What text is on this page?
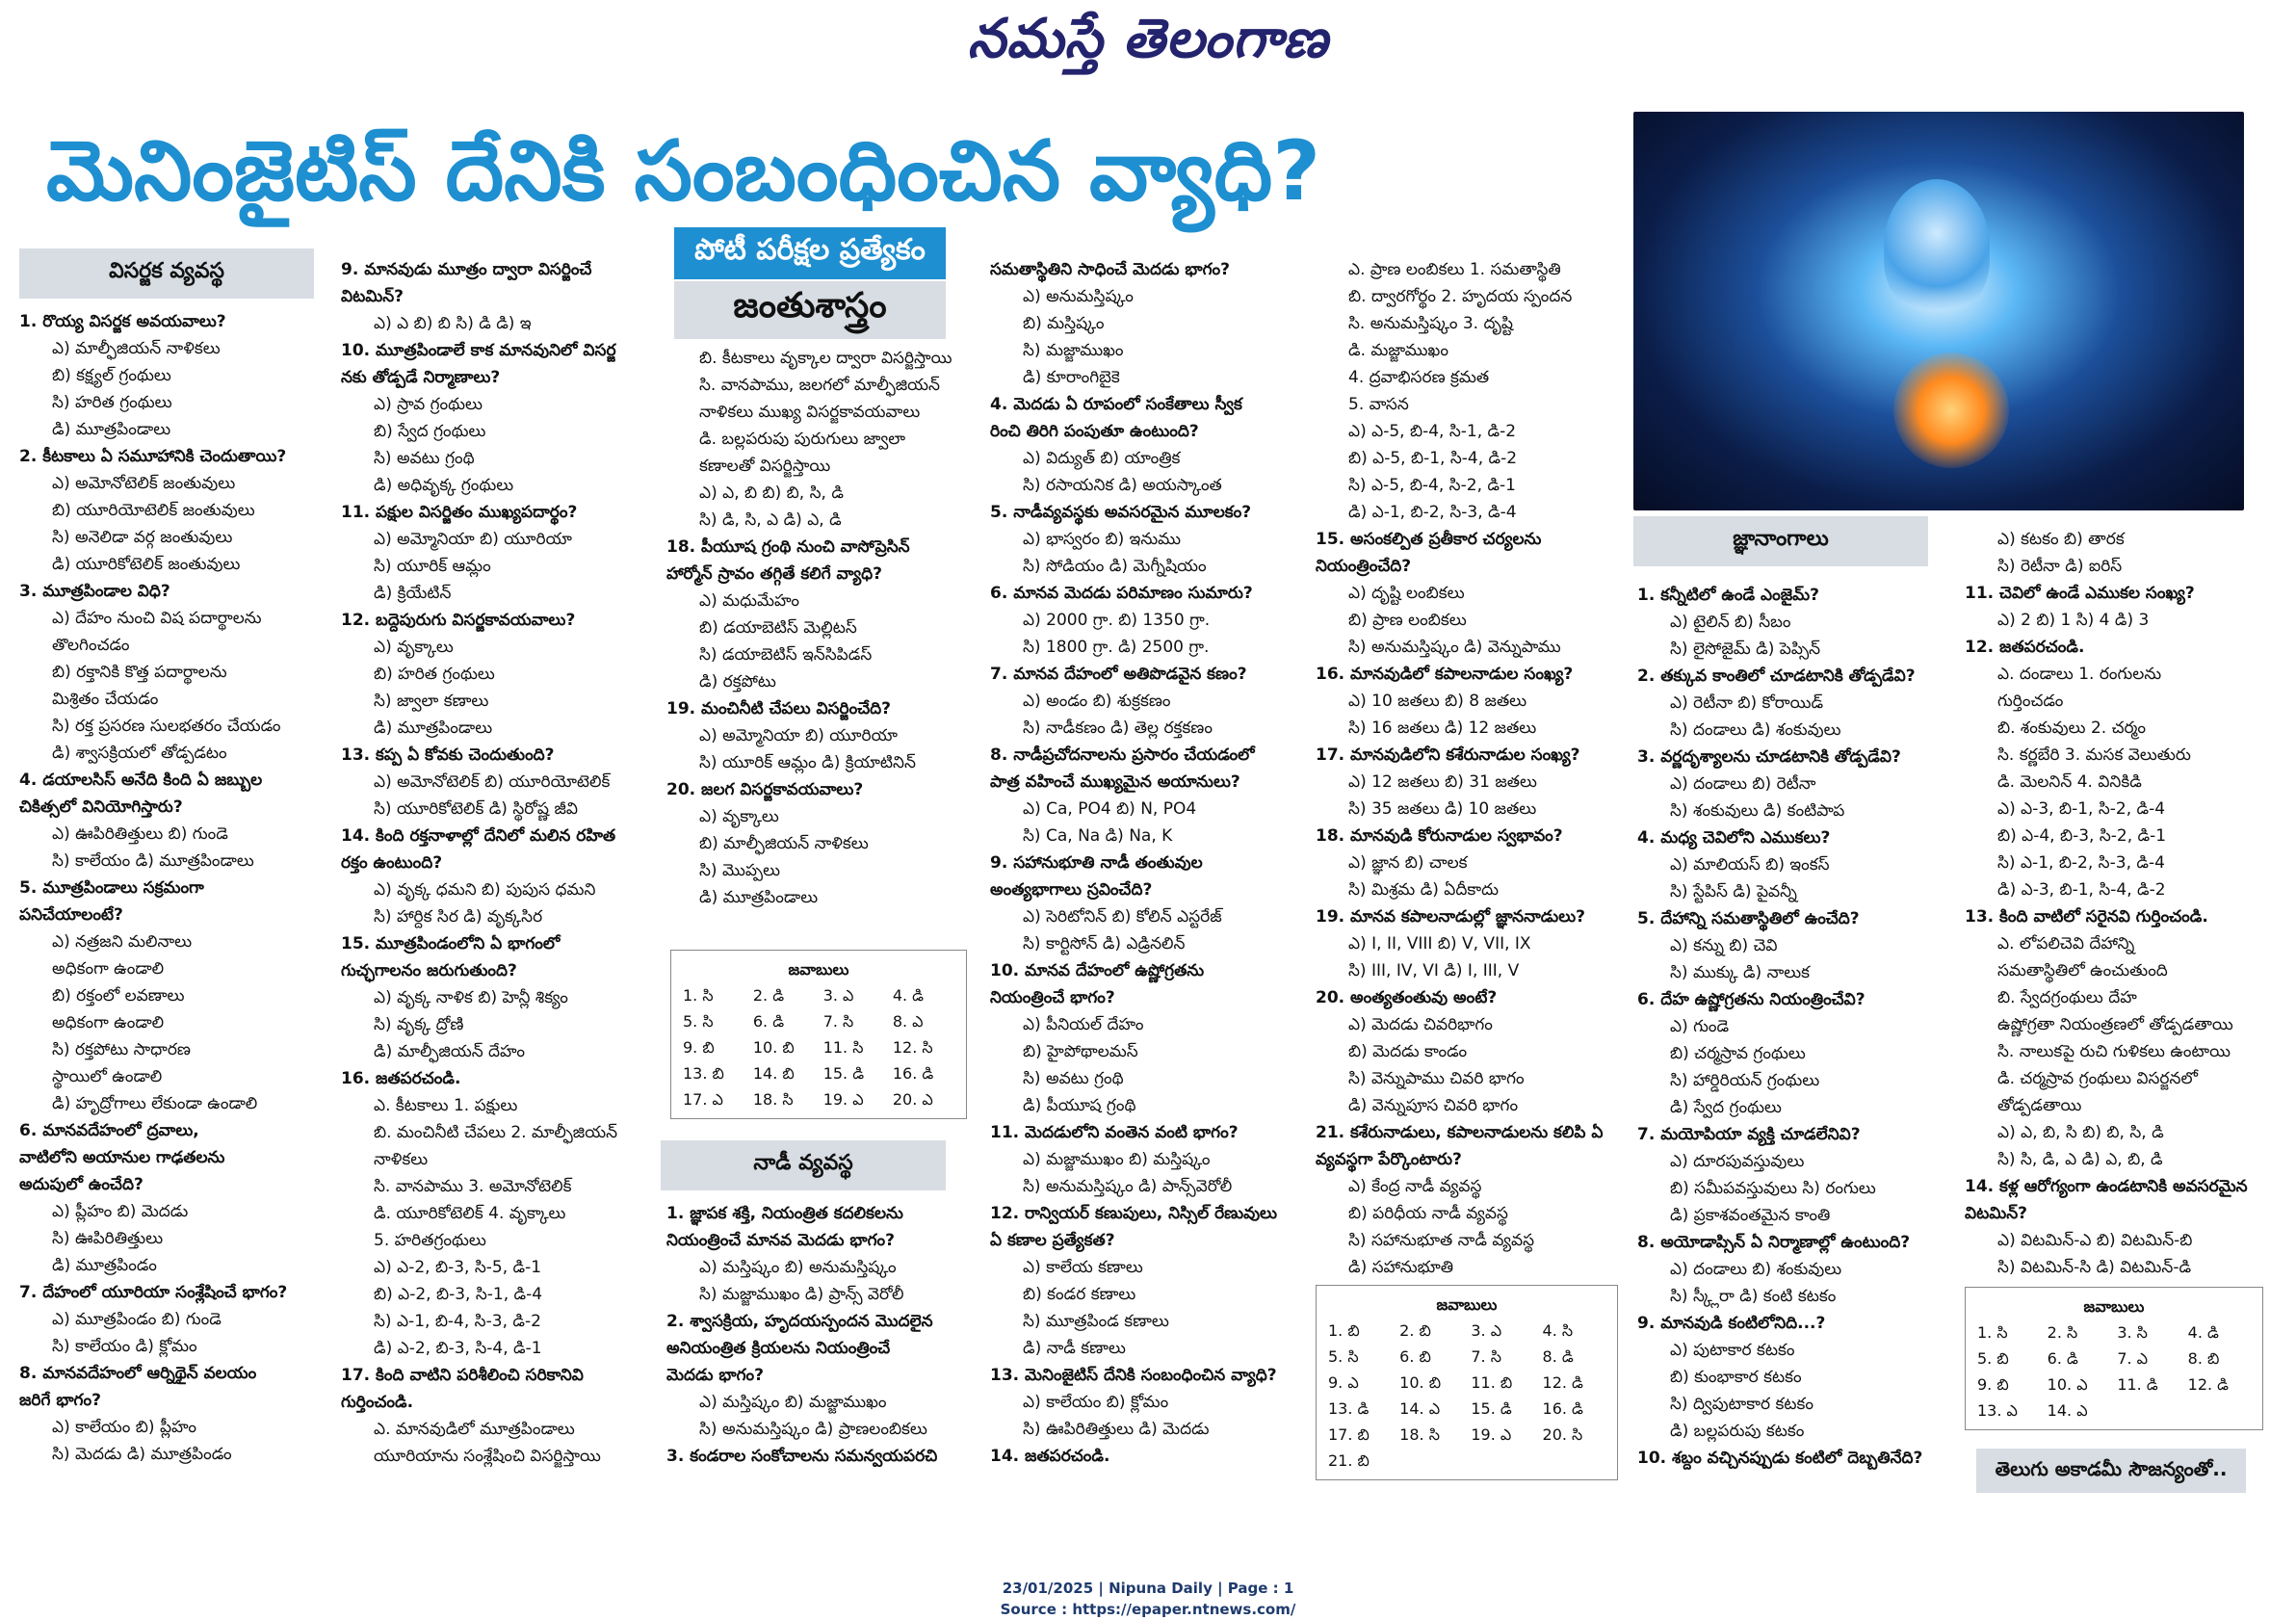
నమస్తే తెలంగాణ
మెనింజైటిస్ దేనికి సంబంధించిన వ్యాధి?
పోటీ పరీక్షల ప్రత్యేకం
జంతుశాస్త్రం
విసర్జక వ్యవస్థ
నాడీ వ్యవస్థ
జ్ఞానాంగాలు

1. రొయ్య విసర్జక అవయవాలు?

ఎ) మాల్ఫీజియన్ నాళికలు

బి) కక్ష్యల్ గ్రంథులు

సి) హరిత గ్రంథులు

డి) మూత్రపిండాలు

2. కీటకాలు ఏ సమూహానికి చెందుతాయి?

ఎ) అమోనోటెలిక్ జంతువులు

బి) యూరియోటెలిక్ జంతువులు

సి) అనెలిడా వర్గ జంతువులు

డి) యూరికోటెలిక్ జంతువులు

3. మూత్రపిండాల విధి?

ఎ) దేహం నుంచి విష పదార్థాలను

తొలగించడం

బి) రక్తానికి కొత్త పదార్థాలను

మిశ్రితం చేయడం

సి) రక్త ప్రసరణ సులభతరం చేయడం

డి) శ్వాసక్రియలో తోడ్పడటం

4. డయాలసిస్ అనేది కింది ఏ జబ్బుల

చికిత్సలో వినియోగిస్తారు?

ఎ) ఊపిరితిత్తులు బి) గుండె

సి) కాలేయం డి) మూత్రపిండాలు

5. మూత్రపిండాలు సక్రమంగా

పనిచేయాలంటే?

ఎ) నత్రజని మలినాలు

అధికంగా ఉండాలి

బి) రక్తంలో లవణాలు

అధికంగా ఉండాలి

సి) రక్తపోటు సాధారణ

స్థాయిలో ఉండాలి

డి) హృద్రోగాలు లేకుండా ఉండాలి

6. మానవదేహంలో ద్రవాలు,

వాటిలోని అయానుల గాఢతలను

అదుపులో ఉంచేది?

ఎ) ప్లీహం బి) మెదడు

సి) ఊపిరితిత్తులు

డి) మూత్రపిండం

7. దేహంలో యూరియా సంశ్లేషించే భాగం?

ఎ) మూత్రపిండం బి) గుండె

సి) కాలేయం డి) క్లోమం

8. మానవదేహంలో ఆర్నిథైన్ వలయం

జరిగే భాగం?

ఎ) కాలేయం బి) ప్లీహం

సి) మెదడు డి) మూత్రపిండం

9. మానవుడు మూత్రం ద్వారా విసర్జించే

విటమిన్?

ఎ) ఎ బి) బి సి) డి డి) ఇ

10. మూత్రపిండాలే కాక మానవునిలో విసర్జ

నకు తోడ్పడే నిర్మాణాలు?

ఎ) స్రావ గ్రంథులు

బి) స్వేద గ్రంథులు

సి) అవటు గ్రంథి

డి) అధివృక్క గ్రంథులు

11. పక్షుల విసర్జితం ముఖ్యపదార్థం?

ఎ) అమ్మోనియా బి) యూరియా

సి) యూరిక్ ఆమ్లం

డి) క్రియేటిన్

12. బద్దెపురుగు విసర్జకావయవాలు?

ఎ) వృక్కాలు

బి) హరిత గ్రంథులు

సి) జ్వాలా కణాలు

డి) మూత్రపిండాలు

13. కప్ప ఏ కోవకు చెందుతుంది?

ఎ) అమోనోటెలిక్ బి) యూరియోటెలిక్

సి) యూరికోటెలిక్ డి) స్థిరోష్ణ జీవి

14. కింది రక్తనాళాల్లో దేనిలో మలిన రహిత

రక్తం ఉంటుంది?

ఎ) వృక్క ధమని బి) పుపుస ధమని

సి) హార్దిక సిర డి) వృక్కసిర

15. మూత్రపిండంలోని ఏ భాగంలో

గుచ్ఛగాలనం జరుగుతుంది?

ఎ) వృక్క నాళిక బి) హెన్లీ శిక్యం

సి) వృక్క ద్రోణి

డి) మాల్ఫీజియన్ దేహం

16. జతపరచండి.

ఎ. కీటకాలు 1. పక్షులు

బి. మంచినీటి చేపలు 2. మాల్ఫీజియన్

నాళికలు

సి. వానపాము 3. అమోనోటెలిక్

డి. యూరికోటెలిక్ 4. వృక్కాలు

5. హరితగ్రంథులు

ఎ) ఎ-2, బి-3, సి-5, డి-1

బి) ఎ-2, బి-3, సి-1, డి-4

సి) ఎ-1, బి-4, సి-3, డి-2

డి) ఎ-2, బి-3, సి-4, డి-1

17. కింది వాటిని పరిశీలించి సరికానివి

గుర్తించండి.

ఎ. మానవుడిలో మూత్రపిండాలు

యూరియాను సంశ్లేషించి విసర్జిస్తాయి

బి. కీటకాలు వృక్కాల ద్వారా విసర్జిస్తాయి

సి. వానపాము, జలగలో మాల్ఫీజియన్

నాళికలు ముఖ్య విసర్జకావయవాలు

డి. బల్లపరుపు పురుగులు జ్వాలా

కణాలతో విసర్జిస్తాయి

ఎ) ఎ, బి బి) బి, సి, డి

సి) డి, సి, ఎ డి) ఎ, డి

18. పీయూష గ్రంథి నుంచి వాసోప్రెసిన్

హార్మోన్ స్రావం తగ్గితే కలిగే వ్యాధి?

ఎ) మధుమేహం

బి) డయాబెటిస్ మెల్లిటస్

సి) డయాబెటిస్ ఇన్‌సిపిడస్

డి) రక్తపోటు

19. మంచినీటి చేపలు విసర్జించేది?

ఎ) అమ్మోనియా బి) యూరియా

సి) యూరిక్ ఆమ్లం డి) క్రియాటినిన్

20. జలగ విసర్జకావయవాలు?

ఎ) వృక్కాలు

బి) మాల్ఫీజియన్ నాళికలు

సి) మొప్పలు

డి) మూత్రపిండాలు

1. జ్ఞాపక శక్తి, నియంత్రిత కదలికలను

నియంత్రించే మానవ మెదడు భాగం?

ఎ) మస్తిష్కం బి) అనుమస్తిష్కం

సి) మజ్జాముఖం డి) ప్రాన్స్ వెరోలీ

2. శ్వాసక్రియ, హృదయస్పందన మొదలైన

అనియంత్రిత క్రియలను నియంత్రించే

మెదడు భాగం?

ఎ) మస్తిష్కం బి) మజ్జాముఖం

సి) అనుమస్తిష్కం డి) ప్రాణలంబికలు

3. కండరాల సంకోచాలను సమన్వయపరచి

సమతాస్థితిని సాధించే మెదడు భాగం?

ఎ) అనుమస్తిష్కం

బి) మస్తిష్కం

సి) మజ్జాముఖం

డి) కూరాంగిబైకె

4. మెదడు ఏ రూపంలో సంకేతాలు స్వీక

రించి తిరిగి పంపుతూ ఉంటుంది?

ఎ) విద్యుత్ బి) యాంత్రిక

సి) రసాయనిక డి) అయస్కాంత

5. నాడీవ్యవస్థకు అవసరమైన మూలకం?

ఎ) భాస్వరం బి) ఇనుము

సి) సోడియం డి) మెగ్నీషియం

6. మానవ మెదడు పరిమాణం సుమారు?

ఎ) 2000 గ్రా. బి) 1350 గ్రా.

సి) 1800 గ్రా. డి) 2500 గ్రా.

7. మానవ దేహంలో అతిపొడవైన కణం?

ఎ) అండం బి) శుక్రకణం

సి) నాడీకణం డి) తెల్ల రక్తకణం

8. నాడీప్రచోదనాలను ప్రసారం చేయడంలో

పాత్ర వహించే ముఖ్యమైన అయానులు?

ఎ) Ca, PO4 బి) N, PO4

సి) Ca, Na డి) Na, K

9. సహానుభూతి నాడీ తంతువుల

అంత్యభాగాలు స్రవించేది?

ఎ) సెరిటోనిన్ బి) కోలిన్ ఎస్టరేజ్

సి) కార్టిసోన్ డి) ఎడ్రినలిన్

10. మానవ దేహంలో ఉష్ణోగ్రతను

నియంత్రించే భాగం?

ఎ) పీనియల్ దేహం

బి) హైపోథాలమస్

సి) అవటు గ్రంథి

డి) పీయూష గ్రంథి

11. మెదడులోని వంతెన వంటి భాగం?

ఎ) మజ్జాముఖం బి) మస్తిష్కం

సి) అనుమస్తిష్కం డి) పాన్స్‌వెరోలీ

12. రాన్వియర్ కణుపులు, నిస్సిల్ రేణువులు

ఏ కణాల ప్రత్యేకత?

ఎ) కాలేయ కణాలు

బి) కండర కణాలు

సి) మూత్రపిండ కణాలు

డి) నాడీ కణాలు

13. మెనింజైటిస్ దేనికి సంబంధించిన వ్యాధి?

ఎ) కాలేయం బి) క్లోమం

సి) ఊపిరితిత్తులు డి) మెదడు

14. జతపరచండి.

ఎ. ప్రాణ లంబికలు 1. సమతాస్థితి

బి. ద్వారగోర్థం 2. హృదయ స్పందన

సి. అనుమస్తిష్కం 3. దృష్టి

డి. మజ్జాముఖం

4. ద్రవాభిసరణ క్రమత

5. వాసన

ఎ) ఎ-5, బి-4, సి-1, డి-2

బి) ఎ-5, బి-1, సి-4, డి-2

సి) ఎ-5, బి-4, సి-2, డి-1

డి) ఎ-1, బి-2, సి-3, డి-4

15. అసంకల్పిత ప్రతీకార చర్యలను

నియంత్రించేది?

ఎ) దృష్టి లంబికలు

బి) ప్రాణ లంబికలు

సి) అనుమస్తిష్కం డి) వెన్నుపాము

16. మానవుడిలో కపాలనాడుల సంఖ్య?

ఎ) 10 జతలు బి) 8 జతలు

సి) 16 జతలు డి) 12 జతలు

17. మానవుడిలోని కశేరునాడుల సంఖ్య?

ఎ) 12 జతలు బి) 31 జతలు

సి) 35 జతలు డి) 10 జతలు

18. మానవుడి కోరునాడుల స్వభావం?

ఎ) జ్ఞాన బి) చాలక

సి) మిశ్రమ డి) ఏదీకాదు

19. మానవ కపాలనాడుల్లో జ్ఞాననాడులు?

ఎ) I, II, VIII బి) V, VII, IX

సి) III, IV, VI డి) I, III, V

20. అంత్యతంతువు అంటే?

ఎ) మెదడు చివరిభాగం

బి) మెదడు కాండం

సి) వెన్నుపాము చివరి భాగం

డి) వెన్నుపూస చివరి భాగం

21. కశేరునాడులు, కపాలనాడులను కలిపి ఏ

వ్యవస్థగా పేర్కొంటారు?

ఎ) కేంద్ర నాడీ వ్యవస్థ

బి) పరిధీయ నాడీ వ్యవస్థ

సి) సహానుభూత నాడీ వ్యవస్థ

డి) సహానుభూతి

1. కన్నీటిలో ఉండే ఎంజైమ్?

ఎ) టైలిన్ బి) సీబం

సి) లైసోజైమ్ డి) పెప్సిన్

2. తక్కువ కాంతిలో చూడటానికి తోడ్పడేవి?

ఎ) రెటీనా బి) కోరాయిడ్

సి) దండాలు డి) శంకువులు

3. వర్ణదృశ్యాలను చూడటానికి తోడ్పడేవి?

ఎ) దండాలు బి) రెటీనా

సి) శంకువులు డి) కంటిపాప

4. మధ్య చెవిలోని ఎముకలు?

ఎ) మాలియస్ బి) ఇంకస్

సి) స్టేపిస్ డి) పైవన్నీ

5. దేహాన్ని సమతాస్థితిలో ఉంచేది?

ఎ) కన్ను బి) చెవి

సి) ముక్కు డి) నాలుక

6. దేహ ఉష్ణోగ్రతను నియంత్రించేవి?

ఎ) గుండె

బి) చర్మస్రావ గ్రంథులు

సి) హార్డిరియన్ గ్రంథులు

డి) స్వేద గ్రంథులు

7. మయోపియా వ్యక్తి చూడలేనివి?

ఎ) దూరపువస్తువులు

బి) సమీపవస్తువులు సి) రంగులు

డి) ప్రకాశవంతమైన కాంతి

8. అయోడాప్సిన్ ఏ నిర్మాణాల్లో ఉంటుంది?

ఎ) దండాలు బి) శంకువులు

సి) స్క్లీరా డి) కంటి కటకం

9. మానవుడి కంటిలోనిది...?

ఎ) పుటాకార కటకం

బి) కుంభాకార కటకం

సి) ద్విపుటాకార కటకం

డి) బల్లపరుపు కటకం

10. శబ్దం వచ్చినప్పుడు కంటిలో దెబ్బతినేది?

ఎ) కటకం బి) తారక

సి) రెటీనా డి) ఐరిస్

11. చెవిలో ఉండే ఎముకల సంఖ్య?

ఎ) 2 బి) 1 సి) 4 డి) 3

12. జతపరచండి.

ఎ. దండాలు 1. రంగులను

గుర్తించడం

బి. శంకువులు 2. చర్మం

సి. కర్ణబేరి 3. మసక వెలుతురు

డి. మెలనిన్ 4. వినికిడి

ఎ) ఎ-3, బి-1, సి-2, డి-4

బి) ఎ-4, బి-3, సి-2, డి-1

సి) ఎ-1, బి-2, సి-3, డి-4

డి) ఎ-3, బి-1, సి-4, డి-2

13. కింది వాటిలో సరైనవి గుర్తించండి.

ఎ. లోపలిచెవి దేహాన్ని

సమతాస్థితిలో ఉంచుతుంది

బి. స్వేదగ్రంథులు దేహ

ఉష్ణోగ్రతా నియంత్రణలో తోడ్పడతాయి

సి. నాలుకపై రుచి గుళికలు ఉంటాయి

డి. చర్మస్రావ గ్రంథులు విసర్జనలో

తోడ్పడతాయి

ఎ) ఎ, బి, సి బి) బి, సి, డి

సి) సి, డి, ఎ డి) ఎ, బి, డి

14. కళ్ల ఆరోగ్యంగా ఉండటానికి అవసరమైన

విటమిన్?

ఎ) విటమిన్-ఎ బి) విటమిన్-బి

సి) విటమిన్-సి డి) విటమిన్-డి

జవాబులు
1. సి	2. డి	3. ఎ	4. డి
5. సి	6. డి	7. సి	8. ఎ
9. బి	10. బి	11. సి	12. సి
13. బి	14. బి	15. డి	16. డి
17. ఎ	18. సి	19. ఎ	20. ఎ
జవాబులు
1. బి	2. బి	3. ఎ	4. సి
5. సి	6. బి	7. సి	8. డి
9. ఎ	10. బి	11. బి	12. డి
13. డి	14. ఎ	15. డి	16. డి
17. బి	18. సి	19. ఎ	20. సి
21. బి			
జవాబులు
1. సి	2. సి	3. సి	4. డి
5. బి	6. డి	7. ఎ	8. బి
9. బి	10. ఎ	11. డి	12. డి
13. ఎ	14. ఎ		
తెలుగు అకాడమీ సౌజన్యంతో..
23/01/2025 | Nipuna Daily | Page : 1
Source : https://epaper.ntnews.com/
